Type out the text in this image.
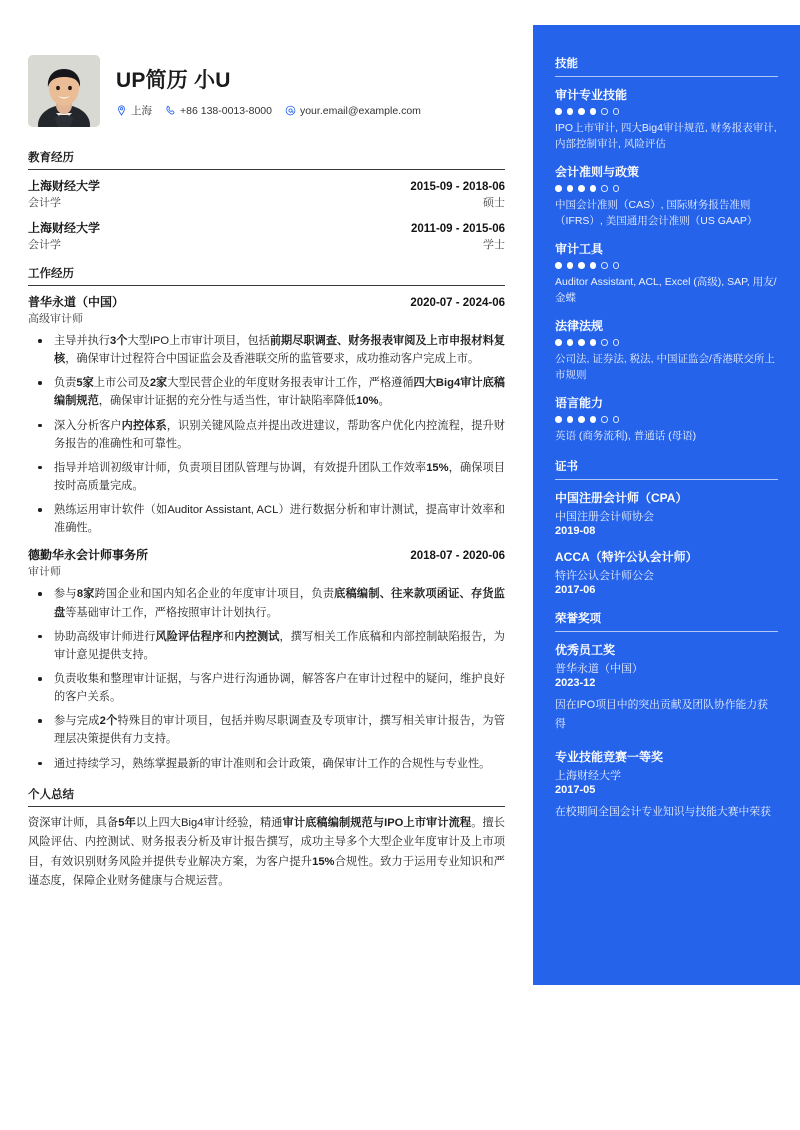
UP简历 小U
上海	+86 138-0013-8000	your.email@example.com
教育经历
上海财经大学	2015-09 - 2018-06
会计学	硕士
上海财经大学	2011-09 - 2015-06
会计学	学士
工作经历
普华永道（中国）	2020-07 - 2024-06
高级审计师
主导并执行3个大型IPO上市审计项目，包括前期尽职调查、财务报表审阅及上市申报材料复核，确保审计过程符合中国证监会及香港联交所的监管要求，成功推动客户完成上市。
负责5家上市公司及2家大型民营企业的年度财务报表审计工作，严格遵循四大Big4审计底稿编制规范，确保审计证据的充分性与适当性，审计缺陷率降低10%。
深入分析客户内控体系，识别关键风险点并提出改进建议，帮助客户优化内控流程，提升财务报告的准确性和可靠性。
指导并培训初级审计师，负责项目团队管理与协调，有效提升团队工作效率15%，确保项目按时高质量完成。
熟练运用审计软件（如Auditor Assistant, ACL）进行数据分析和审计测试，提高审计效率和准确性。
德勤华永会计师事务所	2018-07 - 2020-06
审计师
参与8家跨国企业和国内知名企业的年度审计项目，负责底稿编制、往来款项函证、存货监盘等基础审计工作，严格按照审计计划执行。
协助高级审计师进行风险评估程序和内控测试，撰写相关工作底稿和内部控制缺陷报告，为审计意见提供支持。
负责收集和整理审计证据，与客户进行沟通协调，解答客户在审计过程中的疑问，维护良好的客户关系。
参与完成2个特殊目的审计项目，包括并购尽职调查及专项审计，撰写相关审计报告，为管理层决策提供有力支持。
通过持续学习，熟练掌握最新的审计准则和会计政策，确保审计工作的合规性与专业性。
个人总结
资深审计师，具备5年以上四大Big4审计经验，精通审计底稿编制规范与IPO上市审计流程。擅长风险评估、内控测试、财务报表分析及审计报告撰写，成功主导多个大型企业年度审计及上市项目，有效识别财务风险并提供专业解决方案，为客户提升15%合规性。致力于运用专业知识和严谨态度，保障企业财务健康与合规运营。
技能
审计专业技能
IPO上市审计, 四大Big4审计规范, 财务报表审计, 内部控制审计, 风险评估
会计准则与政策
中国会计准则（CAS）, 国际财务报告准则（IFRS）, 美国通用会计准则（US GAAP）
审计工具
Auditor Assistant, ACL, Excel (高级), SAP, 用友/金蝶
法律法规
公司法, 证券法, 税法, 中国证监会/香港联交所上市规则
语言能力
英语 (商务流利), 普通话 (母语)
证书
中国注册会计师（CPA）
中国注册会计师协会
2019-08
ACCA（特许公认会计师）
特许公认会计师公会
2017-06
荣誉奖项
优秀员工奖
普华永道（中国）
2023-12
因在IPO项目中的突出贡献及团队协作能力获得
专业技能竞赛一等奖
上海财经大学
2017-05
在校期间全国会计专业知识与技能大赛中荣获
